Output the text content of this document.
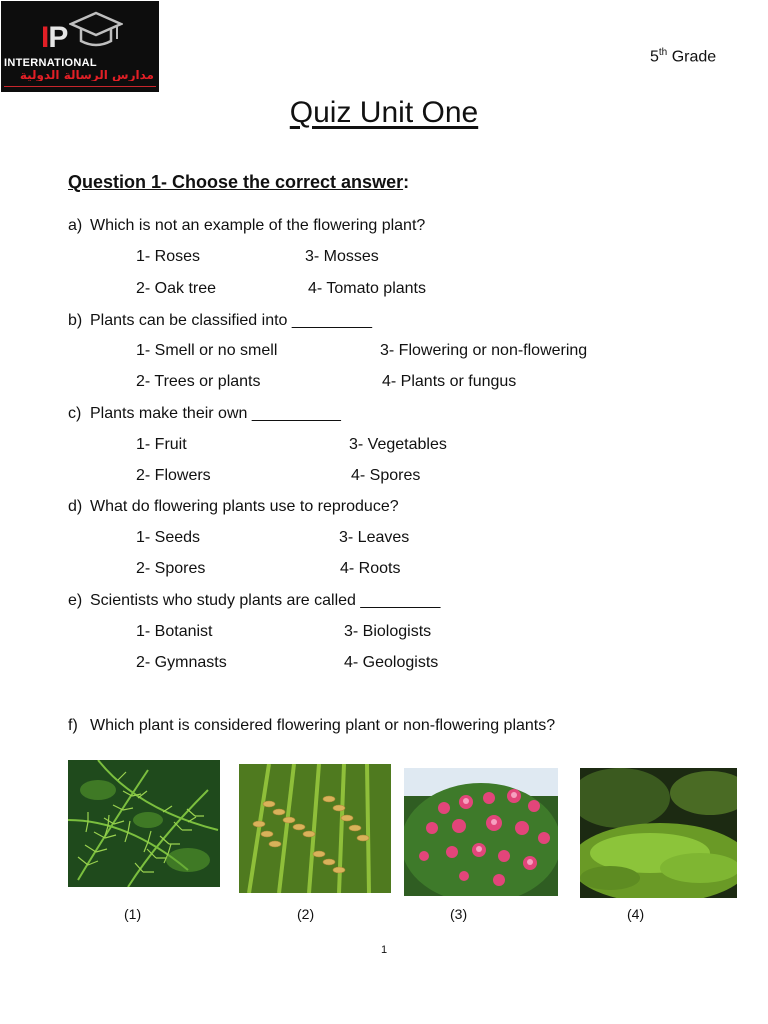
IP
INTERNATIONAL
مدارس الرسالة الدولية
5th Grade
Quiz Unit One
Question 1- Choose the correct answer:
a) Which is not an example of the flowering plant?
1- Roses	3- Mosses
2- Oak tree	4- Tomato plants
b) Plants can be classified into _________
1- Smell or no smell	3- Flowering or non-flowering
2- Trees or plants	4- Plants or fungus
c) Plants make their own __________
1- Fruit	3- Vegetables
2- Flowers	4- Spores
d) What do flowering plants use to reproduce?
1- Seeds	3- Leaves
2- Spores	4- Roots
e) Scientists who study plants are called _________
1- Botanist	3- Biologists
2- Gymnasts	4- Geologists
f) Which plant is considered flowering plant or non-flowering plants?
(1)	(2)	(3)	(4)
1
